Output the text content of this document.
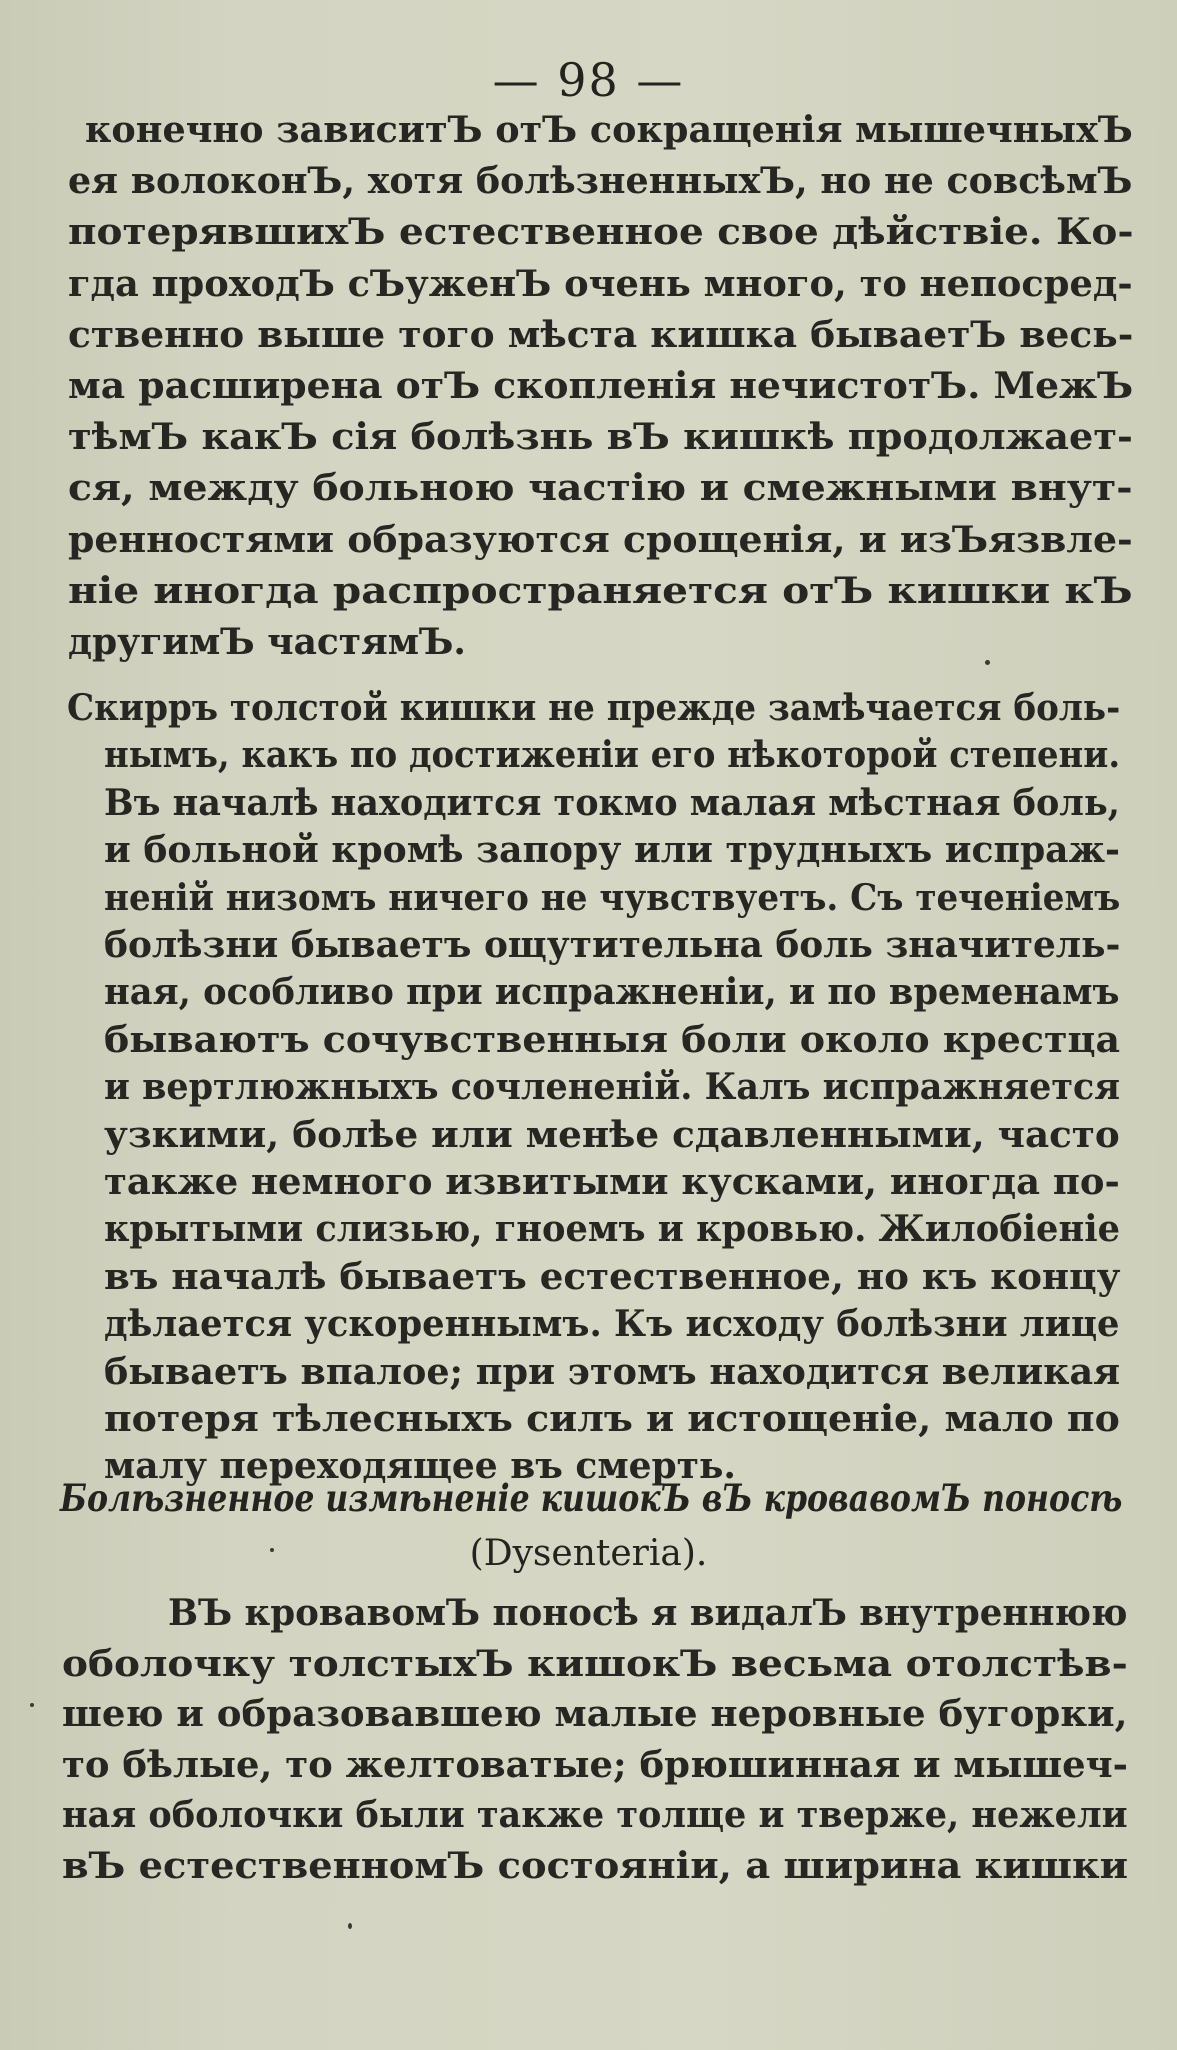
— 98 —
конечно зависитЪ отЪ сокращенія мышечныхЪ
ея волоконЪ, хотя болѣзненныхЪ, но не совсѣмЪ
потерявшихЪ естественное свое дѣйствіе. Ко-
гда проходЪ сЪуженЪ очень много, то непосред-
ственно выше того мѣста кишка бываетЪ весь-
ма расширена отЪ скопленія нечистотЪ. МежЪ
тѣмЪ какЪ сія болѣзнь вЪ кишкѣ продолжает-
ся, между больною частію и смежными внут-
ренностями образуются срощенія, и изЪязвле-
ніе иногда распространяется отЪ кишки кЪ
другимЪ частямЪ.
Скирръ толстой кишки не прежде замѣчается боль-
нымъ, какъ по достиженіи его нѣкоторой степени.
Въ началѣ находится токмо малая мѣстная боль,
и больной кромѣ запору или трудныхъ испраж-
неній низомъ ничего не чувствуетъ. Съ теченіемъ
болѣзни бываетъ ощутительна боль значитель-
ная, особливо при испражненіи, и по временамъ
бываютъ сочувственныя боли около крестца
и вертлюжныхъ сочлененій. Калъ испражняется
узкими, болѣе или менѣе сдавленными, часто
также немного извитыми кусками, иногда по-
крытыми слизью, гноемъ и кровью. Жилобіеніе
въ началѣ бываетъ естественное, но къ концу
дѣлается ускореннымъ. Къ исходу болѣзни лице
бываетъ впалое; при этомъ находится великая
потеря тѣлесныхъ силъ и истощеніе, мало по
малу переходящее въ смерть.
Болѣзненное измѣненіе кишокЪ вЪ кровавомЪ поносѣ
(Dysenteria).
ВЪ кровавомЪ поносѣ я видалЪ внутреннюю
оболочку толстыхЪ кишокЪ весьма отолстѣв-
шею и образовавшею малые неровные бугорки,
то бѣлые, то желтоватые; брюшинная и мышеч-
ная оболочки были также толще и тверже, нежели
вЪ естественномЪ состояніи, а ширина кишки
